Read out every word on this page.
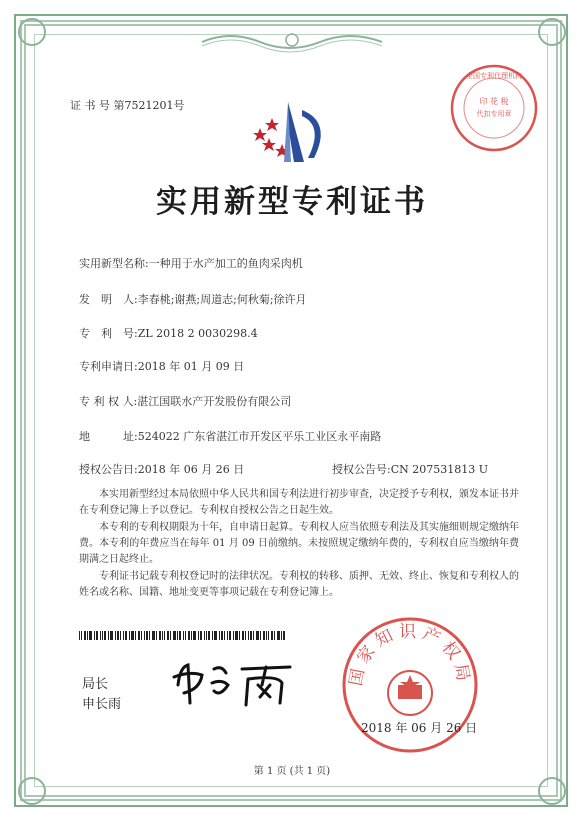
证 书 号 第7521201号	印 花 税
代扣专用章
全国专利代理机构
实用新型专利证书
实用新型名称:一种用于水产加工的鱼肉采肉机
发　明　人:李春桃;谢燕;周道志;何秋菊;徐许月
专　利　号:ZL 2018 2 0030298.4
专利申请日:2018 年 01 月 09 日
专 利 权 人:湛江国联水产开发股份有限公司
地　　　址:524022 广东省湛江市开发区平乐工业区永平南路
授权公告日:2018 年 06 月 26 日	授权公告号:CN 207531813 U
本实用新型经过本局依照中华人民共和国专利法进行初步审查，决定授予专利权，颁发本证书并在专利登记簿上予以登记。专利权自授权公告之日起生效。
本专利的专利权期限为十年，自申请日起算。专利权人应当依照专利法及其实施细则规定缴纳年费。本专利的年费应当在每年 01 月 09 日前缴纳。未按照规定缴纳年费的，专利权自应当缴纳年费期满之日起终止。
专利证书记载专利权登记时的法律状况。专利权的转移、质押、无效、终止、恢复和专利权人的姓名或名称、国籍、地址变更等事项记载在专利登记簿上。
局长
申长雨
国家知识产权局
2018 年 06 月 26 日
第 1 页 (共 1 页)
